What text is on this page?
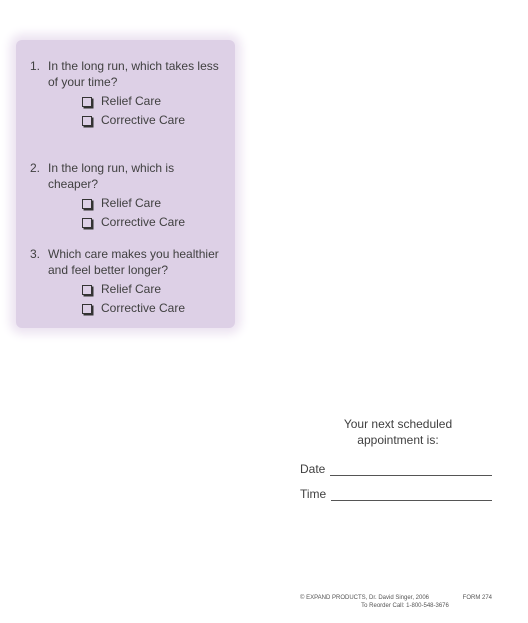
1. In the long run, which takes less of your time?
Relief Care
Corrective Care
2. In the long run, which is cheaper?
Relief Care
Corrective Care
3. Which care makes you healthier and feel better longer?
Relief Care
Corrective Care
Your next scheduled
appointment is:
Date
Time
© EXPAND PRODUCTS, Dr. David Singer, 2006	FORM 274
To Reorder Call: 1-800-548-3676
